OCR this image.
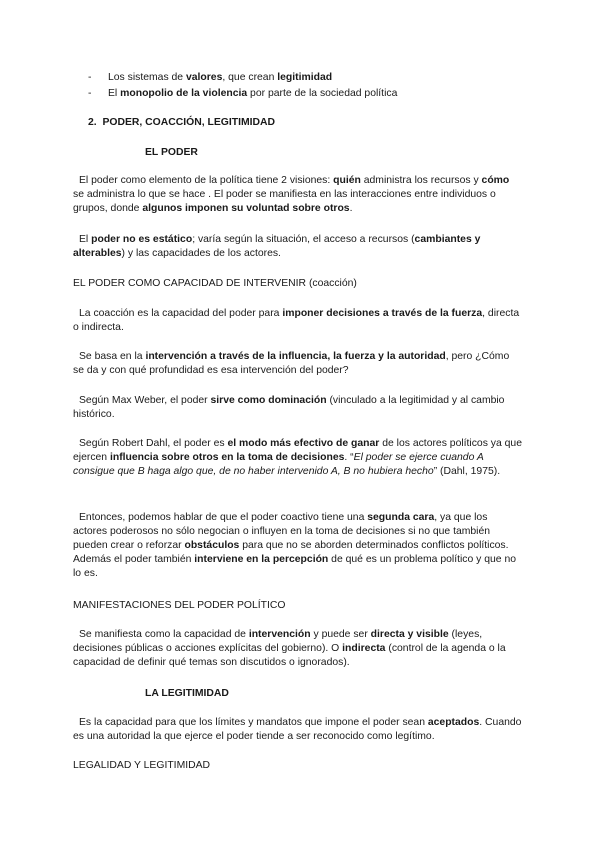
- Los sistemas de valores, que crean legitimidad
- El monopolio de la violencia por parte de la sociedad política
2. PODER, COACCIÓN, LEGITIMIDAD
EL PODER

El poder como elemento de la política tiene 2 visiones: quién administra los recursos y cómo se administra lo que se hace . El poder se manifiesta en las interacciones entre individuos o grupos, donde algunos imponen su voluntad sobre otros.

El poder no es estático; varía según la situación, el acceso a recursos (cambiantes y alterables) y las capacidades de los actores.

EL PODER COMO CAPACIDAD DE INTERVENIR (coacción)

La coacción es la capacidad del poder para imponer decisiones a través de la fuerza, directa o indirecta.

Se basa en la intervención a través de la influencia, la fuerza y la autoridad, pero ¿Cómo se da y con qué profundidad es esa intervención del poder?

Según Max Weber, el poder sirve como dominación (vinculado a la legitimidad y al cambio histórico.

Según Robert Dahl, el poder es el modo más efectivo de ganar de los actores políticos ya que ejercen influencia sobre otros en la toma de decisiones. “El poder se ejerce cuando A consigue que B haga algo que, de no haber intervenido A, B no hubiera hecho” (Dahl, 1975).

Entonces, podemos hablar de que el poder coactivo tiene una segunda cara, ya que los actores poderosos no sólo negocian o influyen en la toma de decisiones si no que también pueden crear o reforzar obstáculos para que no se aborden determinados conflictos políticos. Además el poder también interviene en la percepción de qué es un problema político y que no lo es.

MANIFESTACIONES DEL PODER POLÍTICO

Se manifiesta como la capacidad de intervención y puede ser directa y visible (leyes, decisiones públicas o acciones explícitas del gobierno). O indirecta (control de la agenda o la capacidad de definir qué temas son discutidos o ignorados).

LA LEGITIMIDAD

Es la capacidad para que los límites y mandatos que impone el poder sean aceptados. Cuando es una autoridad la que ejerce el poder tiende a ser reconocido como legítimo.

LEGALIDAD Y LEGITIMIDAD
